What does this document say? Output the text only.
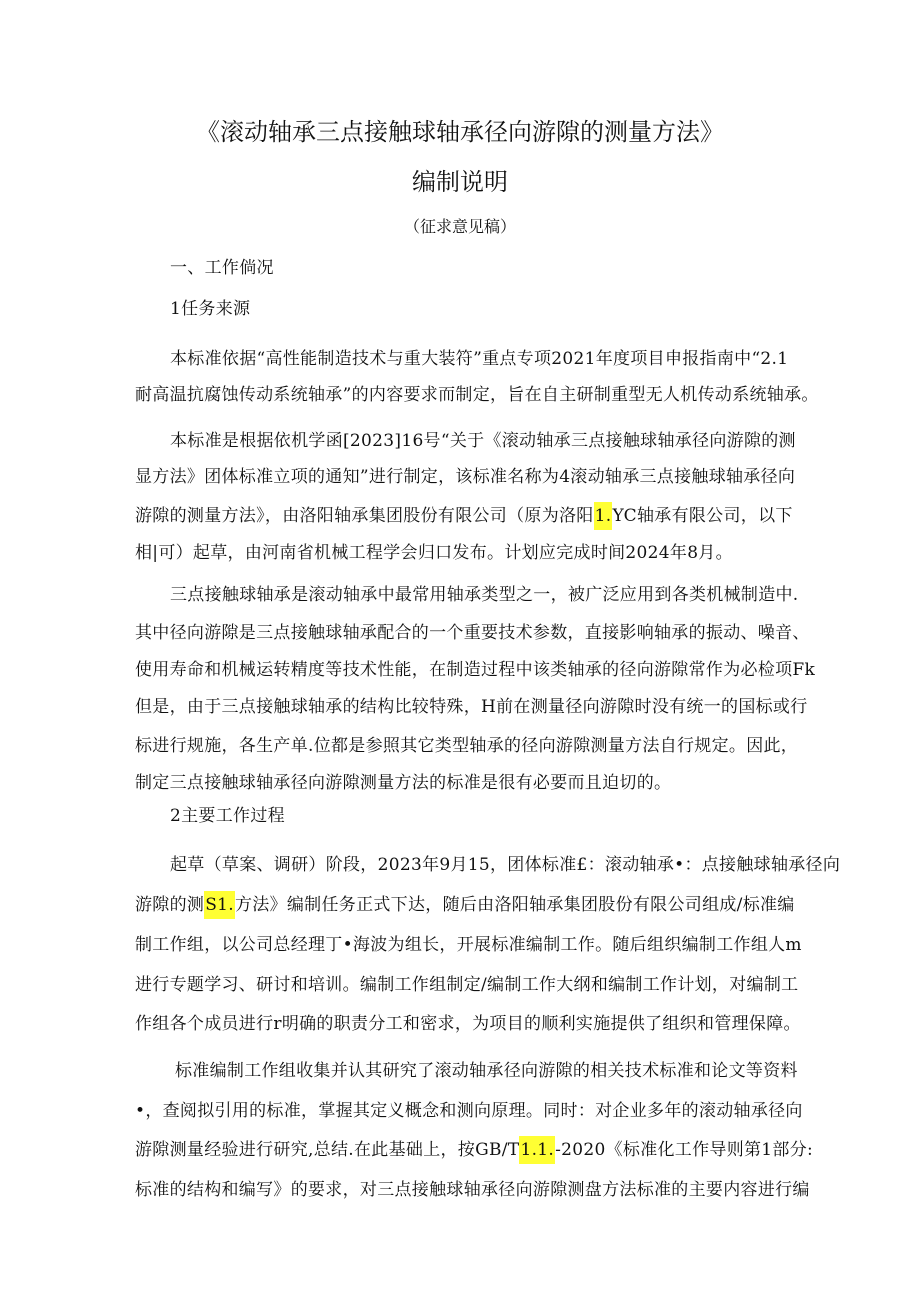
《滚动轴承三点接触球轴承径向游隙的测量方法》
编制说明
（征求意见稿）
一、工作倘况
1任务来源
本标准依据“高性能制造技术与重大装符”重点专项2021年度项目申报指南中“2.1
耐高温抗腐蚀传动系统轴承”的内容要求而制定，旨在自主研制重型无人机传动系统轴承。
本标准是根据依机学函[2023]16号“关于《滚动轴承三点接触球轴承径向游隙的测
显方法》团体标准立项的通知”进行制定，该标准名称为4滚动轴承三点接触球轴承径向
游隙的测量方法》，由洛阳轴承集团股份有限公司（原为洛阳1.YC轴承有限公司，以下
相|可）起草，由河南省机械工程学会归口发布。计划应完成时间2024年8月。
三点接触球轴承是滚动轴承中最常用轴承类型之一，被广泛应用到各类机械制造中.
其中径向游隙是三点接触球轴承配合的一个重要技术参数，直接影响轴承的振动、噪音、
使用寿命和机械运转精度等技术性能，在制造过程中该类轴承的径向游隙常作为必检项Fk
但是，由于三点接触球轴承的结构比较特殊，H前在测量径向游隙时没有统一的国标或行
标进行规施，各生产单.位都是参照其它类型轴承的径向游隙测量方法自行规定。因此，
制定三点接触球轴承径向游隙测量方法的标准是很有必要而且迫切的。
2主要工作过程
起草（草案、调研）阶段，2023年9月15，团体标准£：滚动轴承•：点接触球轴承径向
游隙的测S1.方法》编制任务正式下达，随后由洛阳轴承集团股份有限公司组成/标准编
制工作组，以公司总经理丁•海波为组长，开展标准编制工作。随后组织编制工作组人m
进行专题学习、研讨和培训。编制工作组制定/编制工作大纲和编制工作计划，对编制工
作组各个成员进行r明确的职责分工和密求，为项目的顺利实施提供了组织和管理保障。
标准编制工作组收集并认其研究了滚动轴承径向游隙的相关技术标准和论文等资料
•，查阅拟引用的标准，掌握其定义概念和测向原理。同时：对企业多年的滚动轴承径向
游隙测量经验进行研究,总结.在此基础上，按GB/T1.1.-2020《标准化工作导则第1部分:
标准的结构和编写》的要求，对三点接触球轴承径向游隙测盘方法标准的主要内容进行编
